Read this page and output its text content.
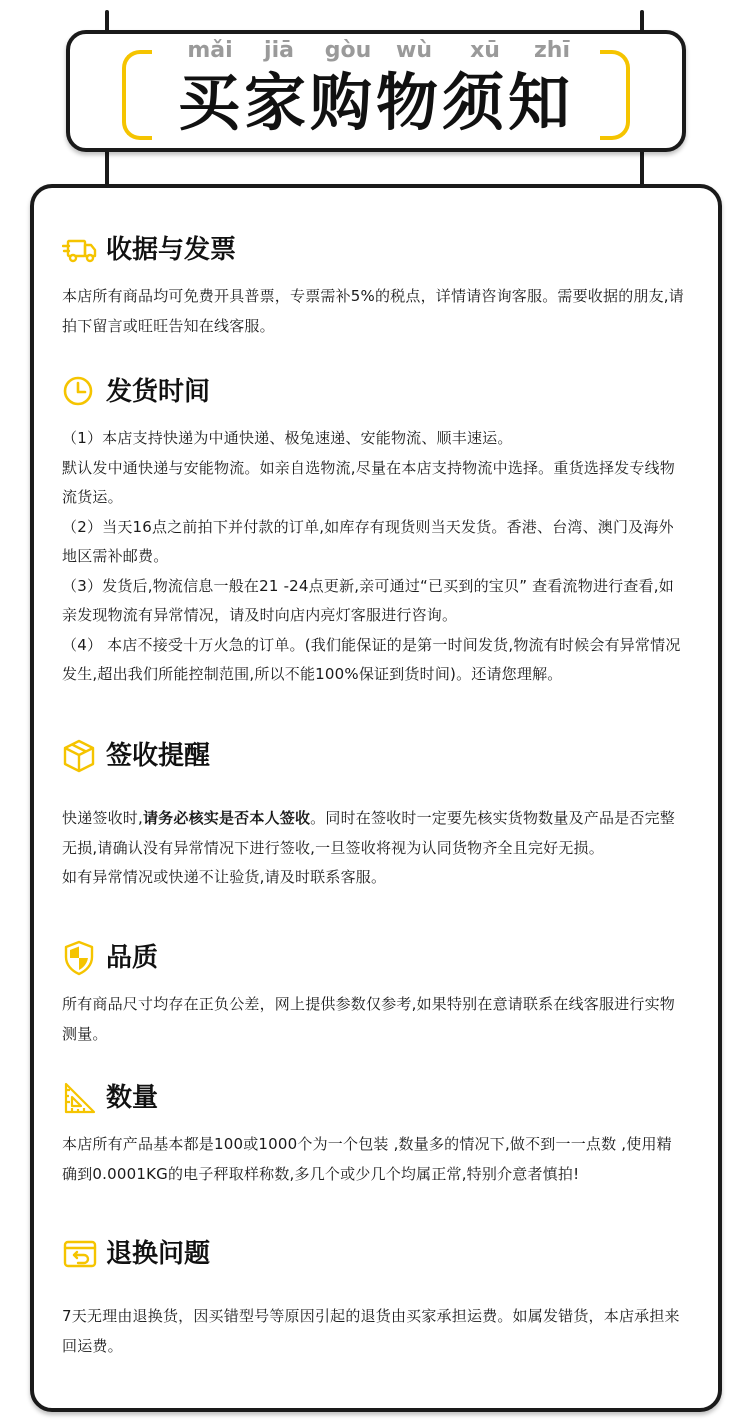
mǎi	jiā	gòu	wù	xū	zhī
买家购物须知
收据与发票

本店所有商品均可免费开具普票，专票需补5%的税点，详情请咨询客服。需要收据的朋友,请拍下留言或旺旺告知在线客服。

发货时间

（1）本店支持快递为中通快递、极兔速递、安能物流、顺丰速运。

默认发中通快递与安能物流。如亲自选物流,尽量在本店支持物流中选择。重货选择发专线物流货运。

（2）当天16点之前拍下并付款的订单,如库存有现货则当天发货。香港、台湾、澳门及海外地区需补邮费。

（3）发货后,物流信息一般在21 -24点更新,亲可通过“已买到的宝贝” 查看流物进行查看,如亲发现物流有异常情况，请及时向店内亮灯客服进行咨询。

（4） 本店不接受十万火急的订单。(我们能保证的是第一时间发货,物流有时候会有异常情况发生,超出我们所能控制范围,所以不能100%保证到货时间)。还请您理解。

签收提醒

快递签收时,请务必核实是否本人签收。同时在签收时一定要先核实货物数量及产品是否完整无损,请确认没有异常情况下进行签收,一旦签收将视为认同货物齐全且完好无损。

如有异常情况或快递不让验货,请及时联系客服。

品质

所有商品尺寸均存在正负公差，网上提供参数仅参考,如果特别在意请联系在线客服进行实物测量。

数量

本店所有产品基本都是100或1000个为一个包装 ,数量多的情况下,做不到一一点数 ,使用精确到0.0001KG的电子秤取样称数,多几个或少几个均属正常,特别介意者慎拍!

退换问题

7天无理由退换货，因买错型号等原因引起的退货由买家承担运费。如属发错货，本店承担来回运费。
